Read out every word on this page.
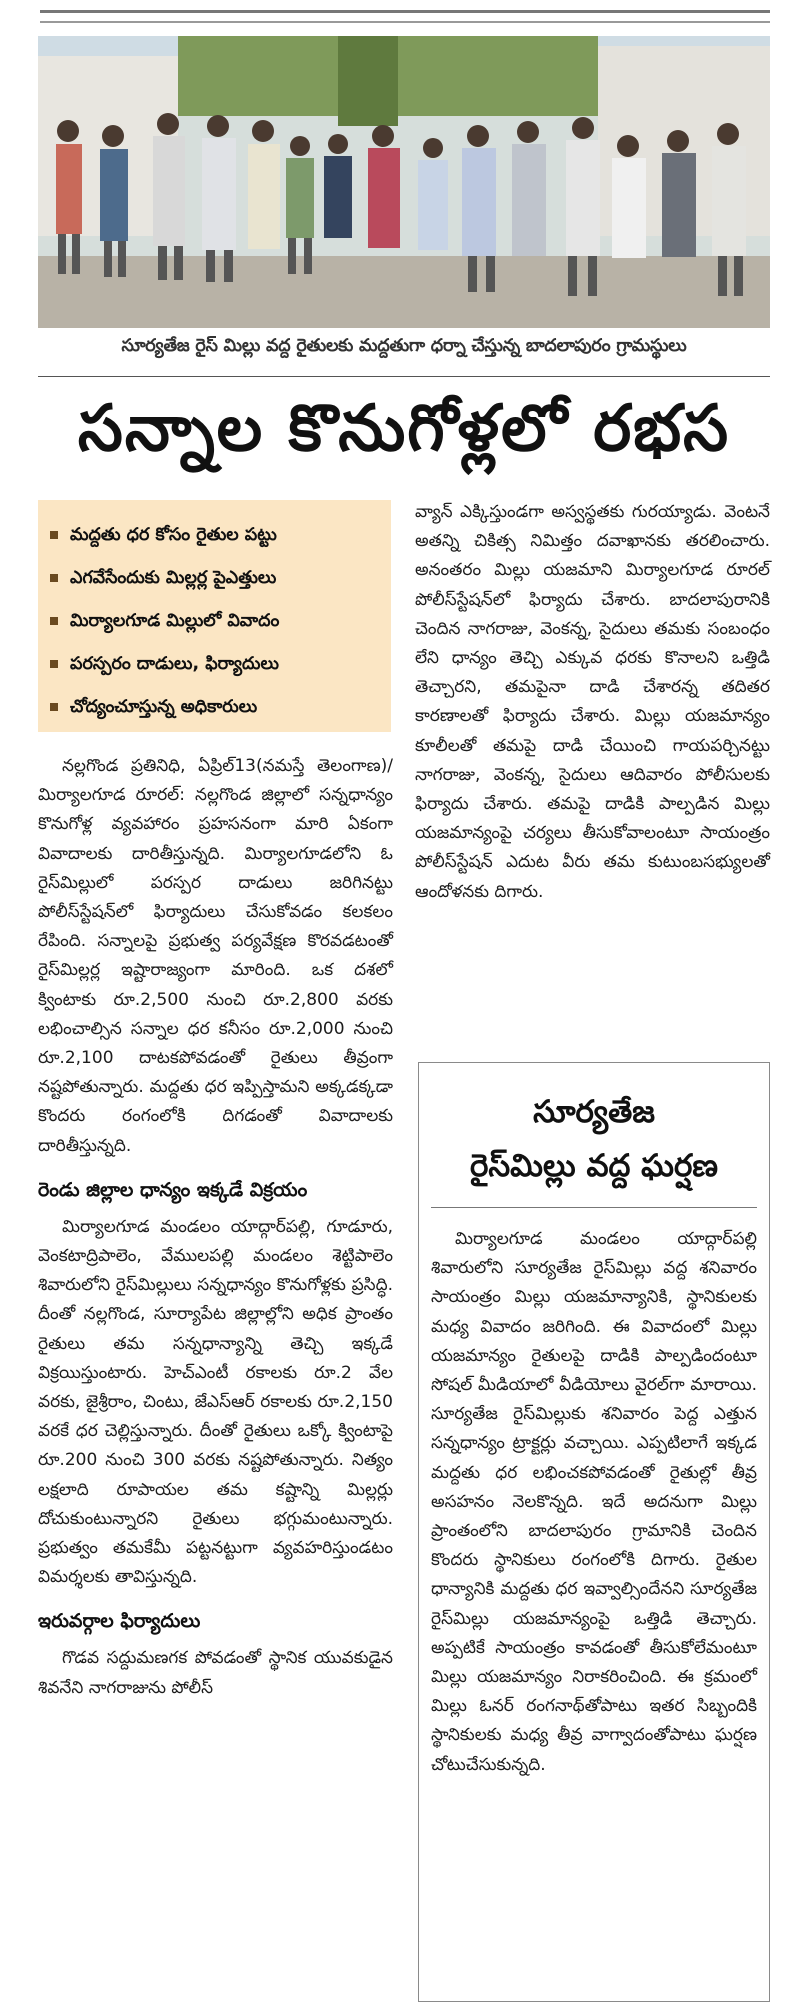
సూర్యతేజ రైస్ మిల్లు వద్ద రైతులకు మద్దతుగా ధర్నా చేస్తున్న బాదలాపురం గ్రామస్థులు
సన్నాల కొనుగోళ్లలో రభస
మద్దతు ధర కోసం రైతుల పట్టు
ఎగవేసేందుకు మిల్లర్ల పైఎత్తులు
మిర్యాలగూడ మిల్లులో వివాదం
పరస్పరం దాడులు, ఫిర్యాదులు
చోద్యంచూస్తున్న అధికారులు

నల్లగొండ ప్రతినిధి, ఏప్రిల్13(నమస్తే తెలంగాణ)/మిర్యాలగూడ రూరల్: నల్లగొండ జిల్లాలో సన్నధాన్యం కొనుగోళ్ల వ్యవహారం ప్రహసనంగా మారి ఏకంగా వివాదాలకు దారితీస్తున్నది. మిర్యాలగూడలోని ఓ రైస్‌మిల్లులో పరస్పర దాడులు జరిగినట్టు పోలీస్‌స్టేషన్‌లో ఫిర్యాదులు చేసుకోవడం కలకలం రేపింది. సన్నాలపై ప్రభుత్వ పర్యవేక్షణ కొరవడటంతో రైస్‌మిల్లర్ల ఇష్టారాజ్యంగా మారింది. ఒక దశలో క్వింటాకు రూ.2,500 నుంచి రూ.2,800 వరకు లభించాల్సిన సన్నాల ధర కనీసం రూ.2,000 నుంచి రూ.2,100 దాటకపోవడంతో రైతులు తీవ్రంగా నష్టపోతున్నారు. మద్దతు ధర ఇప్పిస్తామని అక్కడక్కడా కొందరు రంగంలోకి దిగడంతో వివాదాలకు దారితీస్తున్నది.

రెండు జిల్లాల ధాన్యం ఇక్కడే విక్రయం

మిర్యాలగూడ మండలం యాద్గార్‌పల్లి, గూడూరు, వెంకటాద్రిపాలెం, వేములపల్లి మండలం శెట్టిపాలెం శివారులోని రైస్‌మిల్లులు సన్నధాన్యం కొనుగోళ్లకు ప్రసిద్ధి. దీంతో నల్లగొండ, సూర్యాపేట జిల్లాల్లోని అధిక ప్రాంతం రైతులు తమ సన్నధాన్యాన్ని తెచ్చి ఇక్కడే విక్రయిస్తుంటారు. హెచ్‌ఎంటీ రకాలకు రూ.2 వేల వరకు, జైశ్రీరాం, చింటు, జేఎస్‌ఆర్ రకాలకు రూ.2,150 వరకే ధర చెల్లిస్తున్నారు. దీంతో రైతులు ఒక్కో క్వింటాపై రూ.200 నుంచి 300 వరకు నష్టపోతున్నారు. నిత్యం లక్షలాది రూపాయల తమ కష్టాన్ని మిల్లర్లు దోచుకుంటున్నారని రైతులు భగ్గుమంటున్నారు. ప్రభుత్వం తమకేమీ పట్టనట్టుగా వ్యవహరిస్తుండటం విమర్శలకు తావిస్తున్నది.

ఇరువర్గాల ఫిర్యాదులు

గొడవ సద్దుమణగక పోవడంతో స్థానిక యువకుడైన శివనేని నాగరాజును పోలీస్

వ్యాన్ ఎక్కిస్తుండగా అస్వస్థతకు గురయ్యాడు. వెంటనే అతన్ని చికిత్స నిమిత్తం దవాఖానకు తరలించారు. అనంతరం మిల్లు యజమాని మిర్యాలగూడ రూరల్ పోలీస్‌స్టేషన్‌లో ఫిర్యాదు చేశారు. బాదలాపురానికి చెందిన నాగరాజు, వెంకన్న, సైదులు తమకు సంబంధం లేని ధాన్యం తెచ్చి ఎక్కువ ధరకు కొనాలని ఒత్తిడి తెచ్చారని, తమపైనా దాడి చేశారన్న తదితర కారణాలతో ఫిర్యాదు చేశారు. మిల్లు యజమాన్యం కూలీలతో తమపై దాడి చేయించి గాయపర్చినట్టు నాగరాజు, వెంకన్న, సైదులు ఆదివారం పోలీసులకు ఫిర్యాదు చేశారు. తమపై దాడికి పాల్పడిన మిల్లు యజమాన్యంపై చర్యలు తీసుకోవాలంటూ సాయంత్రం పోలీస్‌స్టేషన్ ఎదుట వీరు తమ కుటుంబసభ్యులతో ఆందోళనకు దిగారు.

సూర్యతేజ
రైస్‌మిల్లు వద్ద ఘర్షణ

మిర్యాలగూడ మండలం యాద్గార్‌పల్లి శివారులోని సూర్యతేజ రైస్‌మిల్లు వద్ద శనివారం సాయంత్రం మిల్లు యజమాన్యానికి, స్థానికులకు మధ్య వివాదం జరిగింది. ఈ వివాదంలో మిల్లు యజమాన్యం రైతులపై దాడికి పాల్పడిందంటూ సోషల్ మీడియాలో వీడియోలు వైరల్‌గా మారాయి. సూర్యతేజ రైస్‌మిల్లుకు శనివారం పెద్ద ఎత్తున సన్నధాన్యం ట్రాక్టర్లు వచ్చాయి. ఎప్పటిలాగే ఇక్కడ మద్దతు ధర లభించకపోవడంతో రైతుల్లో తీవ్ర అసహనం నెలకొన్నది. ఇదే అదనుగా మిల్లు ప్రాంతంలోని బాదలాపురం గ్రామానికి చెందిన కొందరు స్థానికులు రంగంలోకి దిగారు. రైతుల ధాన్యానికి మద్దతు ధర ఇవ్వాల్సిందేనని సూర్యతేజ రైస్‌మిల్లు యజమాన్యంపై ఒత్తిడి తెచ్చారు. అప్పటికే సాయంత్రం కావడంతో తీసుకోలేమంటూ మిల్లు యజమాన్యం నిరాకరించింది. ఈ క్రమంలో మిల్లు ఓనర్ రంగనాథ్‌తోపాటు ఇతర సిబ్బందికి స్థానికులకు మధ్య తీవ్ర వాగ్వాదంతోపాటు ఘర్షణ చోటుచేసుకున్నది.
